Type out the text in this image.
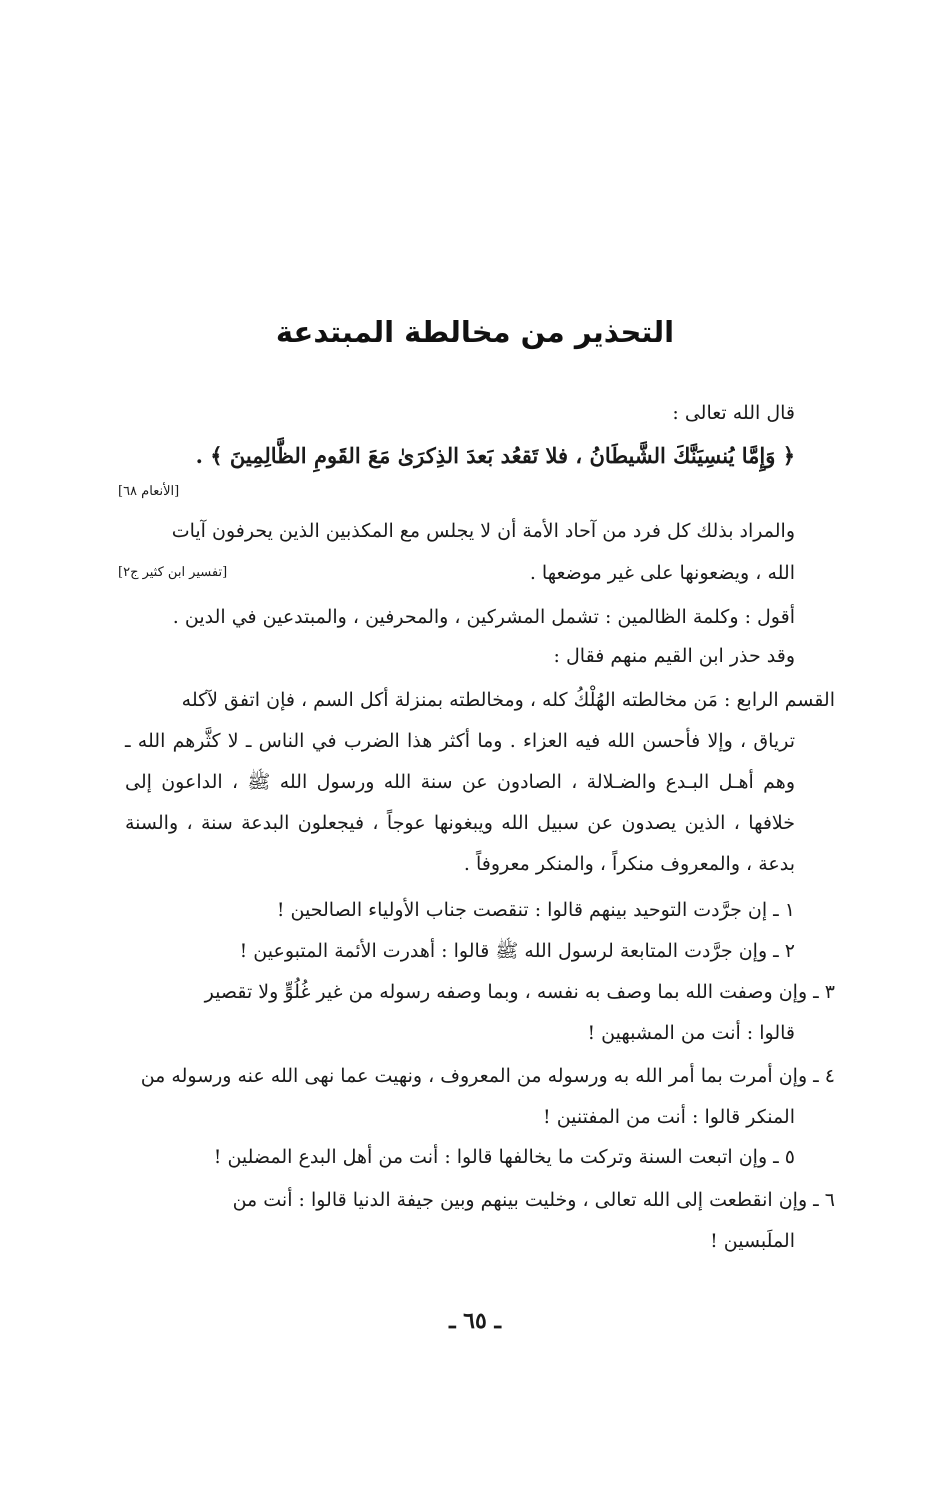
التحذير من مخالطة المبتدعة
قال الله تعالى :
﴿ وَإِمَّا يُنسِيَنَّكَ الشَّيطَانُ ، فلا تَقعُد بَعدَ الذِكرَىٰ مَعَ القَومِ الظَّالِمِينَ ﴾ .
[الأنعام ٦٨]
والمراد بذلك كل فرد من آحاد الأمة أن لا يجلس مع المكذبين الذين يحرفون آيات
الله ، ويضعونها على غير موضعها .
[تفسير ابن كثير ج٢]
أقول : وكلمة الظالمين : تشمل المشركين ، والمحرفين ، والمبتدعين في الدين .
وقد حذر ابن القيم منهم فقال :
القسم الرابع : مَن مخالطته الهُلْكُ كله ، ومخالطته بمنزلة أكل السم ، فإن اتفق لآكله
ترياق ، وإلا فأحسن الله فيه العزاء . وما أكثر هذا الضرب في الناس ـ لا كثَّرهم الله ـ وهم أهـل البـدع والضـلالة ، الصادون عن سنة الله ورسول الله ﷺ ، الداعون إلى خلافها ، الذين يصدون عن سبيل الله ويبغونها عوجاً ، فيجعلون البدعة سنة ، والسنة بدعة ، والمعروف منكراً ، والمنكر معروفاً .
١ ـ إن جرَّدت التوحيد بينهم قالوا : تنقصت جناب الأولياء الصالحين !
٢ ـ وإن جرَّدت المتابعة لرسول الله ﷺ قالوا : أهدرت الأئمة المتبوعين !
٣ ـ وإن وصفت الله بما وصف به نفسه ، وبما وصفه رسوله من غير غُلُوٍّ ولا تقصير
قالوا : أنت من المشبهين !
٤ ـ وإن أمرت بما أمر الله به ورسوله من المعروف ، ونهيت عما نهى الله عنه ورسوله من
المنكر قالوا : أنت من المفتنين !
٥ ـ وإن اتبعت السنة وتركت ما يخالفها قالوا : أنت من أهل البدع المضلين !
٦ ـ وإن انقطعت إلى الله تعالى ، وخليت بينهم وبين جيفة الدنيا قالوا : أنت من
الملَبسين !
ـ ٦٥ ـ
